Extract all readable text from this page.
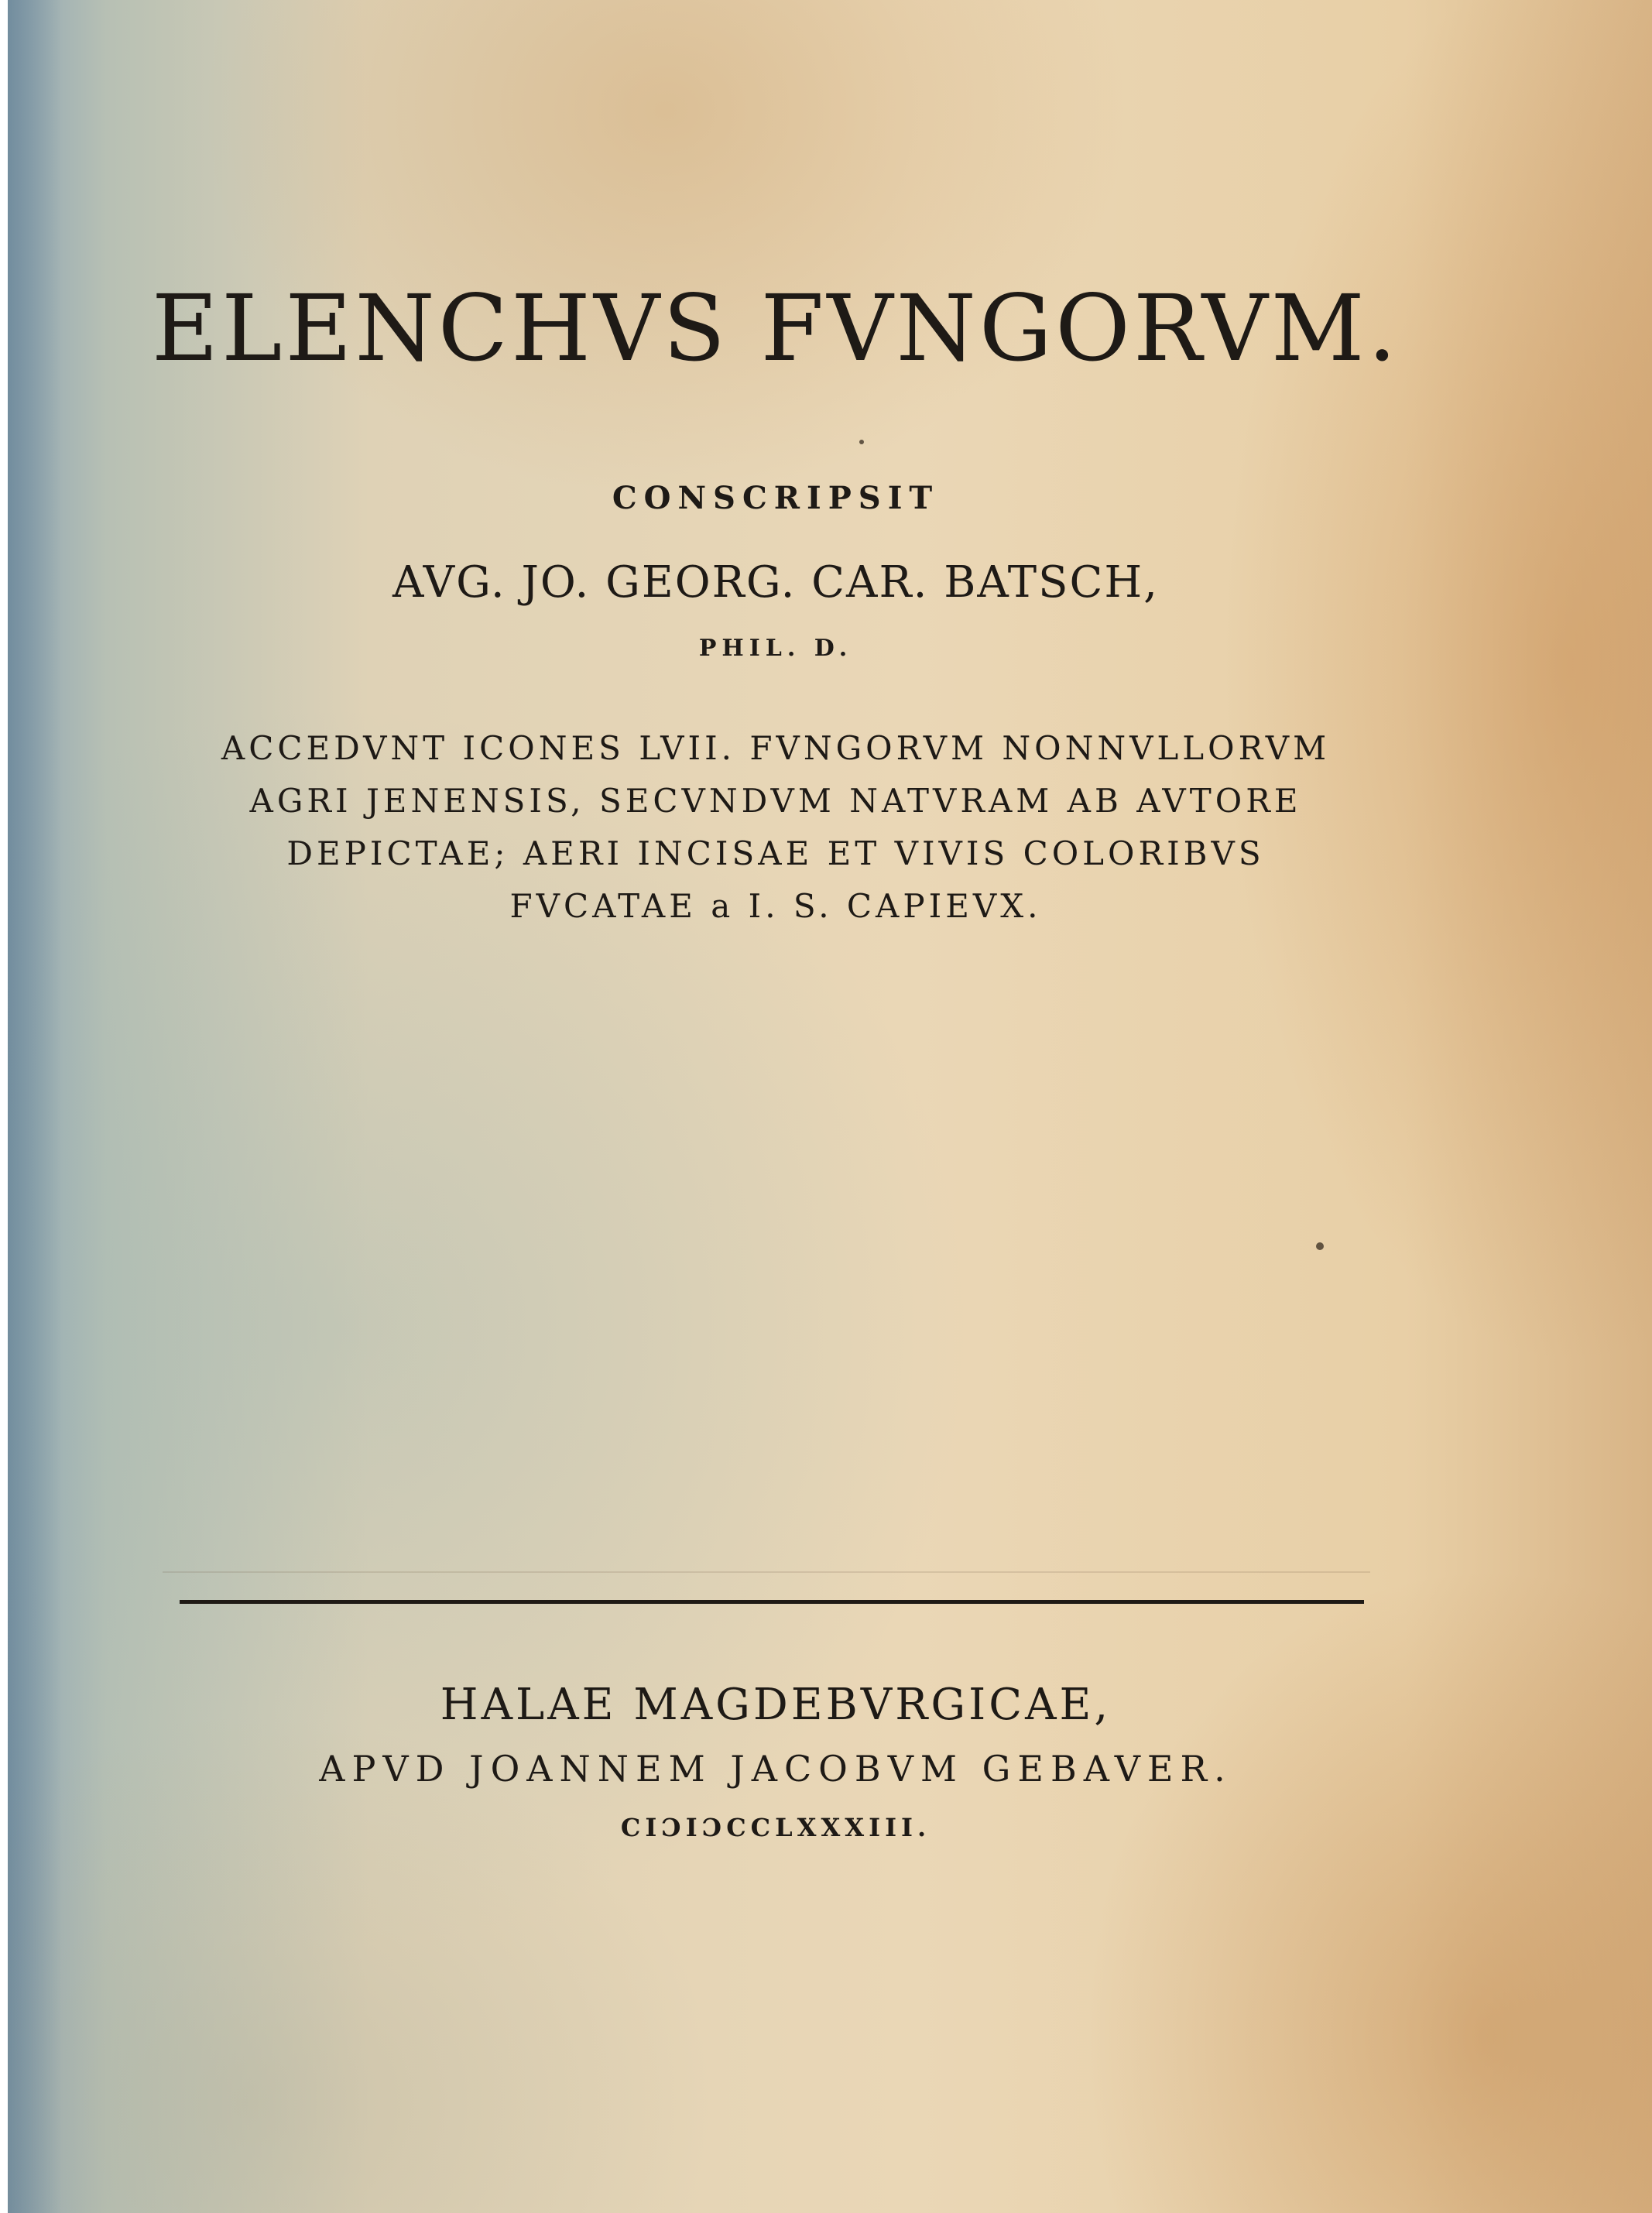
ELENCHVS FVNGORVM.
CONSCRIPSIT
AVG. JO. GEORG. CAR. BATSCH,
PHIL. D.
ACCEDVNT ICONES LVII. FVNGORVM NONNVLLORVM
AGRI JENENSIS, SECVNDVM NATVRAM AB AVTORE
DEPICTAE; AERI INCISAE ET VIVIS COLORIBVS
FVCATAE a I. S. CAPIEVX.
HALAE MAGDEBVRGICAE,
APVD JOANNEM JACOBVM GEBAVER.
CIƆIƆCCLXXXIII.
